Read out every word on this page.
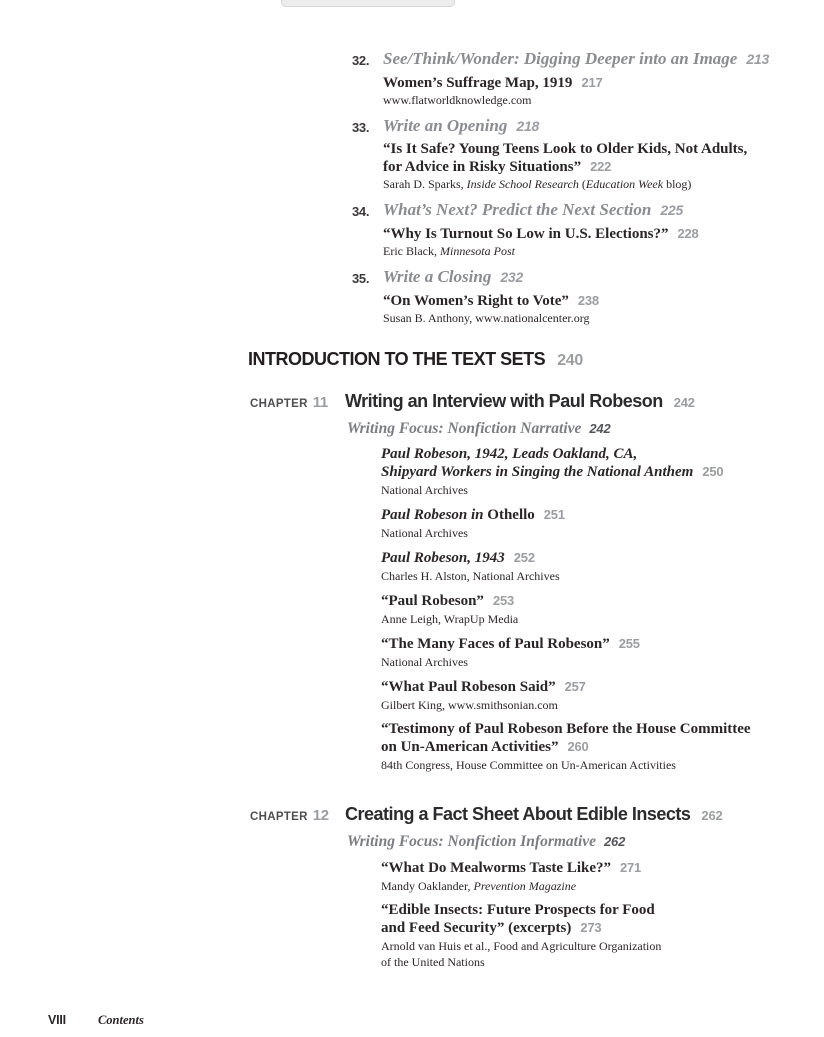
32. See/Think/Wonder: Digging Deeper into an Image 213
Women’s Suffrage Map, 1919 217
www.flatworldknowledge.com
33. Write an Opening 218
“Is It Safe? Young Teens Look to Older Kids, Not Adults,
for Advice in Risky Situations” 222
Sarah D. Sparks, Inside School Research (Education Week blog)
34. What’s Next? Predict the Next Section 225
“Why Is Turnout So Low in U.S. Elections?” 228
Eric Black, Minnesota Post
35. Write a Closing 232
“On Women’s Right to Vote” 238
Susan B. Anthony, www.nationalcenter.org
INTRODUCTION TO THE TEXT SETS 240
CHAPTER 11 Writing an Interview with Paul Robeson 242
Writing Focus: Nonfiction Narrative 242
Paul Robeson, 1942, Leads Oakland, CA,
Shipyard Workers in Singing the National Anthem 250
National Archives
Paul Robeson in Othello 251
National Archives
Paul Robeson, 1943 252
Charles H. Alston, National Archives
“Paul Robeson” 253
Anne Leigh, WrapUp Media
“The Many Faces of Paul Robeson” 255
National Archives
“What Paul Robeson Said” 257
Gilbert King, www.smithsonian.com
“Testimony of Paul Robeson Before the House Committee
on Un-American Activities” 260
84th Congress, House Committee on Un-American Activities
CHAPTER 12 Creating a Fact Sheet About Edible Insects 262
Writing Focus: Nonfiction Informative 262
“What Do Mealworms Taste Like?” 271
Mandy Oaklander, Prevention Magazine
“Edible Insects: Future Prospects for Food
and Feed Security” (excerpts) 273
Arnold van Huis et al., Food and Agriculture Organization
of the United Nations
VIII	Contents
